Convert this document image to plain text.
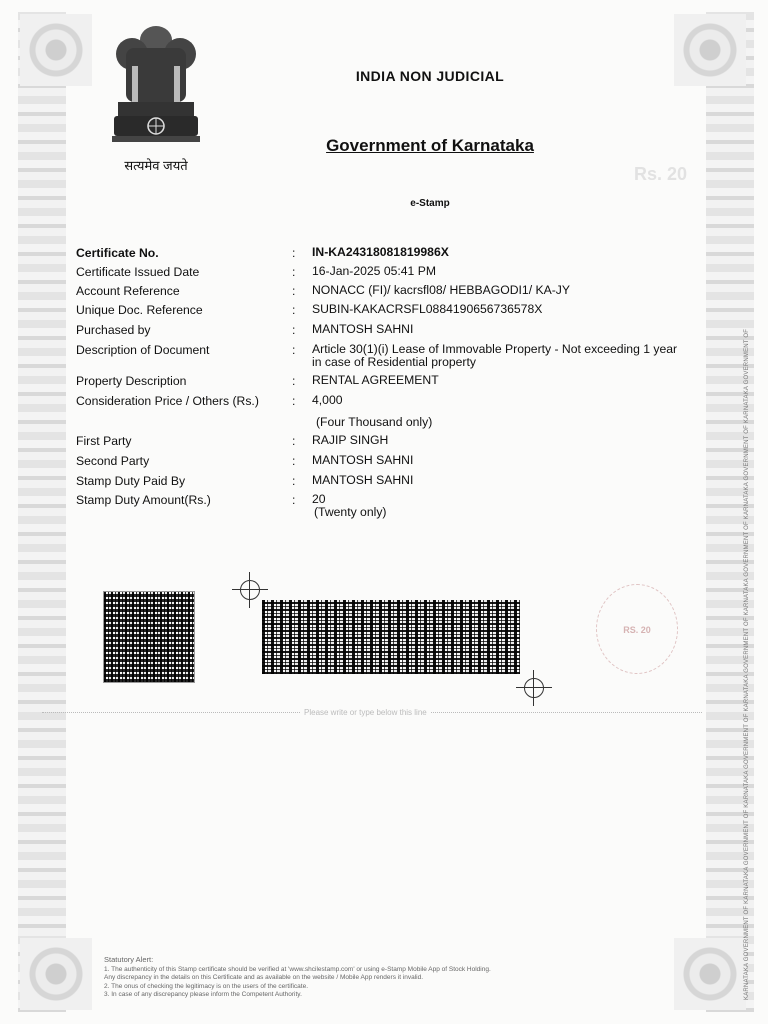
KARNATAKA GOVERNMENT OF KARNATAKA GOVERNMENT OF KARNATAKA GOVERNMENT OF KARNATAKA GOVERNMENT OF KARNATAKA GOVERNMENT OF KARNATAKA GOVERNMENT OF KARNATAKA GOVERNMENT OF
सत्यमेव जयते
INDIA NON JUDICIAL
Government of Karnataka
e-Stamp
Rs. 20
Certificate No.	:	IN-KA24318081819986X
Certificate Issued Date	:	16-Jan-2025 05:41 PM
Account Reference	:	NONACC (FI)/ kacrsfl08/ HEBBAGODI1/ KA-JY
Unique Doc. Reference	:	SUBIN-KAKACRSFL0884190656736578X
Purchased by	:	MANTOSH SAHNI
Description of Document	:	Article 30(1)(i) Lease of Immovable Property - Not exceeding 1 year
in case of Residential property
Property Description	:	RENTAL AGREEMENT
Consideration Price / Others (Rs.)	:	4,000
(Four Thousand only)
First Party	:	RAJIP SINGH
Second Party	:	MANTOSH SAHNI
Stamp Duty Paid By	:	MANTOSH SAHNI
Stamp Duty Amount(Rs.)	:	20
(Twenty only)
RS. 20
Please write or type below this line
Statutory Alert:
1. The authenticity of this Stamp certificate should be verified at 'www.shcilestamp.com' or using e-Stamp Mobile App of Stock Holding.
Any discrepancy in the details on this Certificate and as available on the website / Mobile App renders it invalid.
2. The onus of checking the legitimacy is on the users of the certificate.
3. In case of any discrepancy please inform the Competent Authority.
